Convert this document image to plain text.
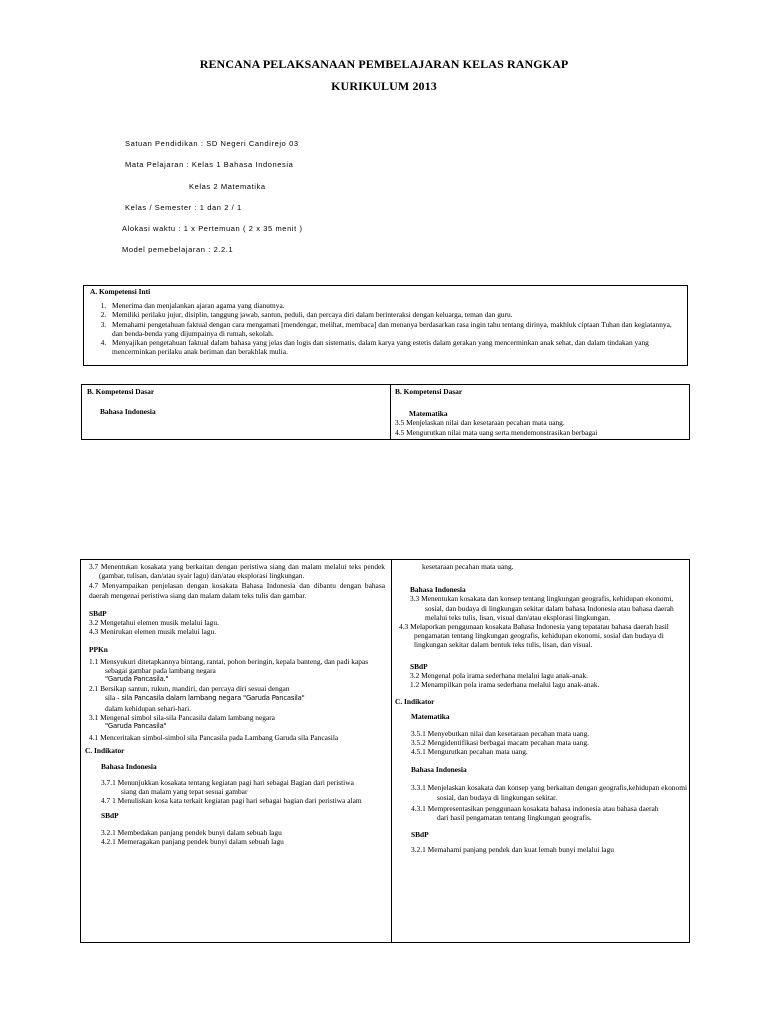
RENCANA PELAKSANAAN PEMBELAJARAN KELAS RANGKAP
KURIKULUM 2013
Satuan Pendidikan : SD Negeri Candirejo 03
Mata Pelajaran : Kelas 1 Bahasa Indonesia
Kelas 2 Matematika
Kelas / Semester : 1 dan 2 / 1
Alokasi waktu : 1 x Pertemuan ( 2 x 35 menit )
Model pemebelajaran : 2.2.1
A. Kompetensi Inti
1. Menerima dan menjalankan ajaran agama yang dianutnya.
2. Memiliki perilaku jujur, disiplin, tanggung jawab, santun, peduli, dan percaya diri dalam berinteraksi dengan keluarga, teman dan guru.
3. Memahami pengetahuan faktual dengan cara mengamati [mendengar, melihat, membaca] dan menanya berdasarkan rasa ingin tahu tentang dirinya, makhluk ciptaan Tuhan dan kegiatannya, dan benda-benda yang dijumpainya di rumah, sekolah.
4. Menyajikan pengetahuan faktual dalam bahasa yang jelas dan logis dan sistematis, dalam karya yang estetis dalam gerakan yang mencerminkan anak sehat, dan dalam tindakan yang mencerminkan perilaku anak beriman dan berakhlak mulia.
B. Kompetensi Dasar
Bahasa Indonesia
B. Kompetensi Dasar
Matematika
3.5 Menjelaskan nilai dan kesetaraan pecahan mata uang.
4.5 Mengurutkan nilai mata uang serta mendemonstrasikan berbagai
3.7 Menentukan kosakata yang berkaitan dengan peristiwa siang dan malam melalui teks pendek (gambar, tulisan, dan/atau syair lagu) dan/atau eksplorasi lingkungan.
4.7 Menyampaikan penjelasan dengan kosakata Bahasa Indonesia dan dibantu dengan bahasa daerah mengenai peristiwa siang dan malam dalam teks tulis dan gambar.
SBdP
3.2 Mengetahui elemen musik melalui lagu.
4.3 Menirukan elemen musik melalui lagu.
PPKn
1.1 Mensyukuri ditetapkannya bintang, rantai, pohon beringin, kepala banteng, dan padi kapas sebagai gambar pada lambang negara
"Garuda Pancasila."
2.1 Bersikap santun, rukun, mandiri, dan percaya diri sesuai dengan
sila - sila Pancasila dalam lambang negara "Garuda Pancasila"
dalam kehidupan sehari-hari.
3.1 Mengenal simbol sila-sila Pancasila dalam lambang negara
"Garuda Pancasila"
4.1 Menceritakan simbol-simbol sila Pancasila pada Lambang Garuda sila Pancasila
C. Indikator
Bahasa Indonesia
3.7.1 Menunjukkan kosakata tentang kegiatan pagi hari sebagai Bagian dari peristiwa siang dan malam yang tepat sesuai gambar
4.7 1 Menuliskan kosa kata terkait kegiatan pagi hari sebagai bagian dari peristiwa alam
SBdP
3.2.1 Membedakan panjang pendek bunyi dalam sebuah lagu
4.2.1 Memeragakan panjang pendek bunyi dalam sebuah lagu
kesetaraan pecahan mata uang.
Bahasa Indonesia
3.3 Menentukan kosakata dan konsep tentang lingkungan geografis, kehidupan ekonomi, sosial, dan budaya di lingkungan sekitar dalam bahasa Indonesia atau bahasa daerah melalui teks tulis, lisan, visual dan/atau eksplorasi lingkungan.
4.3 Melaporkan penggunaan kosakata Bahasa Indonesia yang tepatatau bahasa daerah hasil pengamatan tentang lingkungan geografis, kehidupan ekonomi, sosial dan budaya di lingkungan sekitar dalam bentuk teks tulis, lisan, dan visual.
SBdP
3.2 Mengenal pola irama sederhana melalui lagu anak-anak.
1.2 Menampilkan pola irama sederhana melalui lagu anak-anak.
C. Indikator
Matematika
3.5.1 Menyebutkan nilai dan kesetaraan pecahan mata uang.
3.5.2 Mengidentifikasi berbagai macam pecahan mata uang.
4.5.1 Mengurutkan pecahan mata uang.
Bahasa Indonesia
3.3.1 Menjelaskan kosakata dan konsep yang berkaitan dengan geografis,kehidupan ekonomi sosial, dan budaya di lingkungan sekitar.
4.3.1 Mempresentasikan penggunaan kosakata bahasa indonesia atau bahasa daerah dari hasil pengamatan tentang lingkungan geografis.
SBdP
3.2.1 Memahami panjang pendek dan kuat lemah bunyi melalui lagu
